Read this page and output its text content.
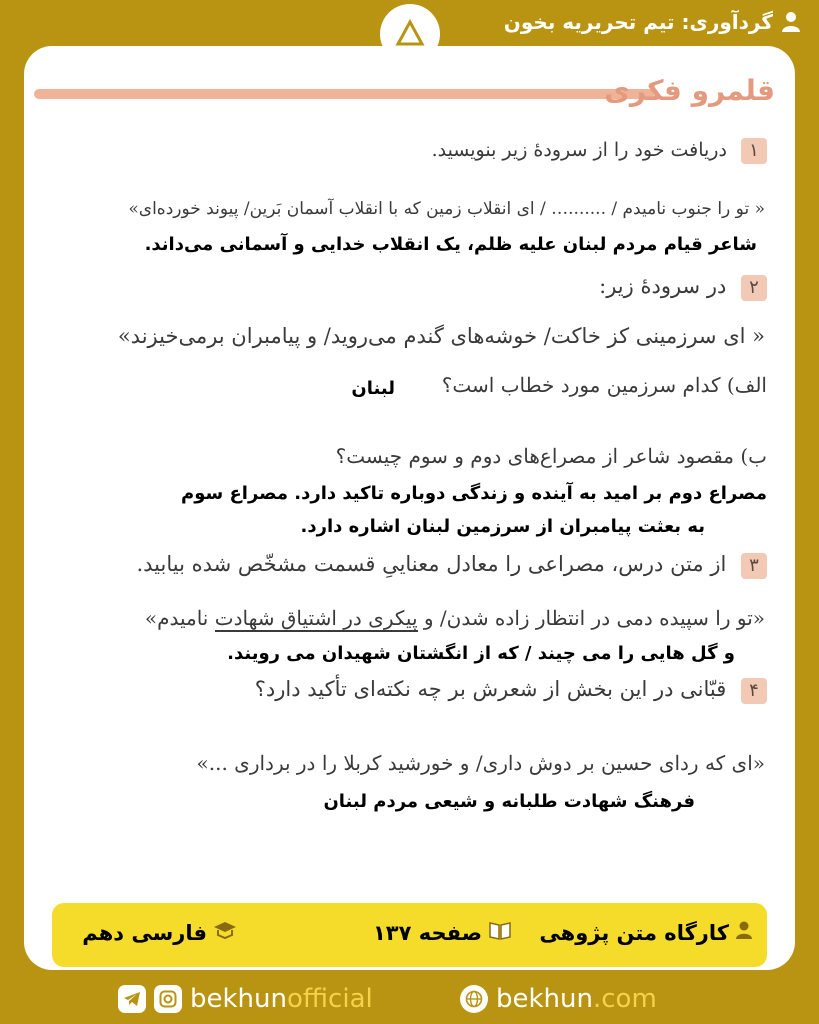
گردآوری: تیم تحریریه بخون
قلمرو فکری
۱ دریافت خود را از سرودهٔ زیر بنویسید.
« تو را جنوب نامیدم / .......… / ای انقلاب زمین که با انقلاب آسمان بَرین/ پیوند خورده‌ای»
شاعر قیام مردم لبنان علیه ظلم، یک انقلاب خدایی و آسمانی می‌داند.
۲ در سرودهٔ زیر:
« ای سرزمینی کز خاکت/ خوشه‌های گندم می‌روید/ و پیامبران برمی‌خیزند»
الف) کدام سرزمین مورد خطاب است؟
لبنان
ب) مقصود شاعر از مصراع‌های دوم و سوم چیست؟
مصراع دوم بر امید به آینده و زندگی دوباره تاکید دارد. مصراع سوم
به بعثت پیامبران از سرزمین لبنان اشاره دارد.
۳ از متن درس، مصراعی را معادل معناییِ قسمت مشخّص شده بیابید.
«تو را سپیده دمی در انتظار زاده شدن/ و پیکری در اشتیاق شهادت نامیدم»
و گل هایی را می چیند / که از انگشتان شهیدان می رویند.
۴ قبّانی در این بخش از شعرش بر چه نکته‌ای تأکید دارد؟
«ای که ردای حسین بر دوش داری/ و خورشید کربلا را در برداری ...»
فرهنگ شهادت طلبانه و شیعی مردم لبنان
کارگاه متن پژوهی
صفحه ۱۳۷
فارسی دهم
bekhunofficial	bekhun.com
